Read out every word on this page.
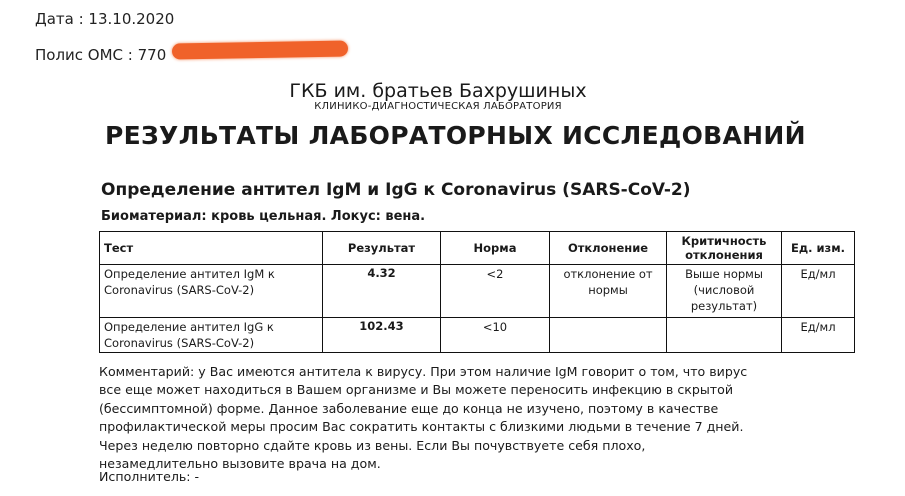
Дата : 13.10.2020
Полис ОМС : 770
ГКБ им. братьев Бахрушиных
КЛИНИКО-ДИАГНОСТИЧЕСКАЯ ЛАБОРАТОРИЯ
РЕЗУЛЬТАТЫ ЛАБОРАТОРНЫХ ИССЛЕДОВАНИЙ
Определение антител IgM и IgG к Coronavirus (SARS-CoV-2)
Биоматериал: кровь цельная. Локус: вена.
Тест	Результат	Норма	Отклонение	Критичность отклонения	Ед. изм.
Определение антител IgM к Coronavirus (SARS-CoV-2)	4.32	<2	отклонение от нормы	Выше нормы (числовой результат)	Ед/мл
Определение антител IgG к Coronavirus (SARS-CoV-2)	102.43	<10			Ед/мл

Комментарий: у Вас имеются антитела к вирусу. При этом наличие IgM говорит о том, что вирус

все еще может находиться в Вашем организме и Вы можете переносить инфекцию в скрытой

(бессимптомной) форме. Данное заболевание еще до конца не изучено, поэтому в качестве

профилактической меры просим Вас сократить контакты с близкими людьми в течение 7 дней.

Через неделю повторно сдайте кровь из вены. Если Вы почувствуете себя плохо,

незамедлительно вызовите врача на дом.

Исполнитель: -
